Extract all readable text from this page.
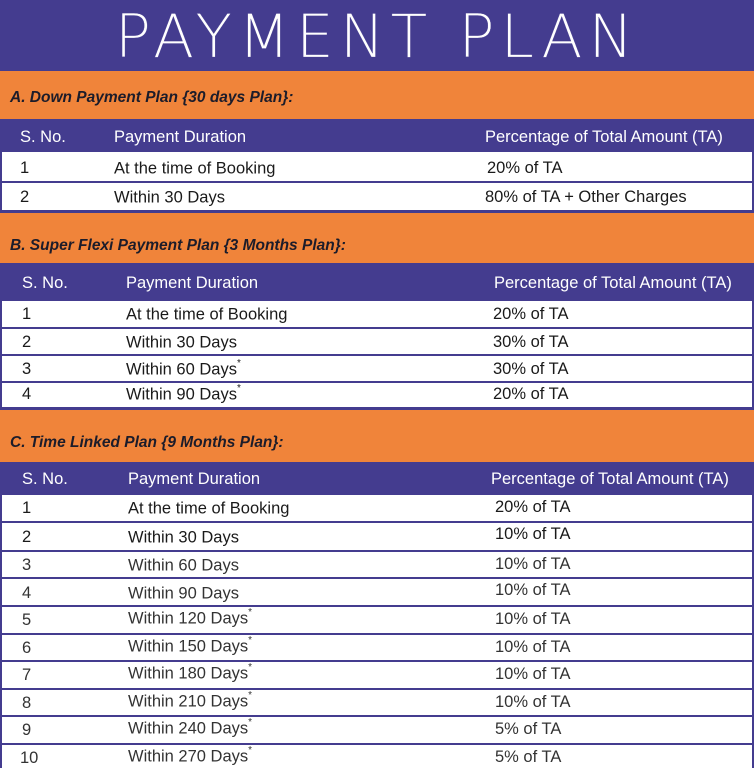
PAYMENT PLAN
A. Down Payment Plan {30 days Plan}:
S. No.	Payment Duration	Percentage of Total Amount (TA)
1	At the time of Booking	20% of TA
2	Within 30 Days	80% of TA + Other Charges
B. Super Flexi Payment Plan {3 Months Plan}:
S. No.	Payment Duration	Percentage of Total Amount (TA)
1	At the time of Booking	20% of TA
2	Within 30 Days	30% of TA
3	Within 60 Days*	30% of TA
4	Within 90 Days*	20% of TA
C. Time Linked Plan {9 Months Plan}:
S. No.	Payment Duration	Percentage of Total Amount (TA)
1	At the time of Booking	20% of TA
2	Within 30 Days	10% of TA
3	Within 60 Days	10% of TA
4	Within 90 Days	10% of TA
5	Within 120 Days*	10% of TA
6	Within 150 Days*	10% of TA
7	Within 180 Days*	10% of TA
8	Within 210 Days*	10% of TA
9	Within 240 Days*	5% of TA
10	Within 270 Days*	5% of TA
